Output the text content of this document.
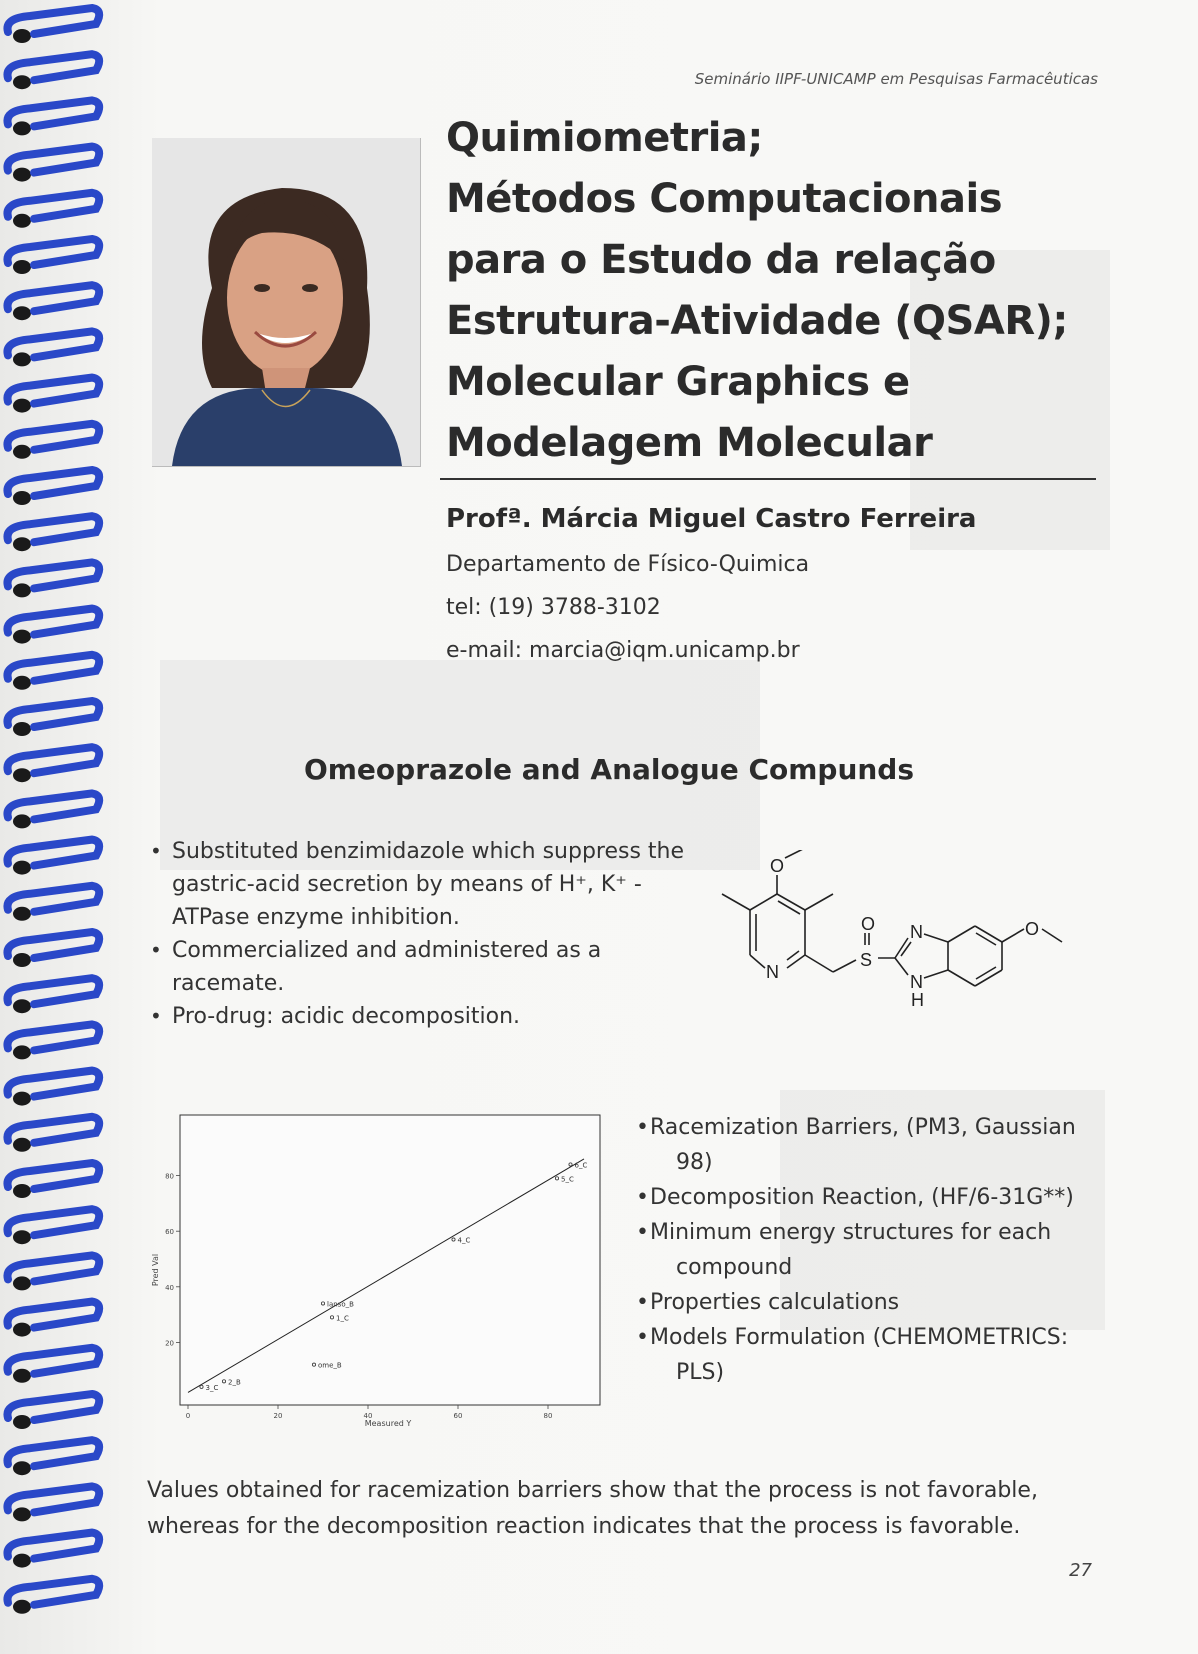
Seminário IIPF-UNICAMP em Pesquisas Farmacêuticas
Quimiometria;
Métodos Computacionais
para o Estudo da relação
Estrutura-Atividade (QSAR);
Molecular Graphics e
Modelagem Molecular
Profª. Márcia Miguel Castro Ferreira
Departamento de Físico-Quimica
tel: (19) 3788-3102
e-mail: marcia@iqm.unicamp.br
Omeoprazole and Analogue Compunds
• Substituted benzimidazole which suppress the gastric-acid secretion by means of H⁺, K⁺ - ATPase enzyme inhibition.
• Commercialized and administered as a racemate.
• Pro-drug: acidic decomposition.
O
N
O
S
N
N
H
O
0	20	40	60	80
20
40
60
80
3_C
2_B
ome_B
1_C
lanso_B
4_C
5_C
6_C
Measured Y
Pred Val
• Racemization Barriers, (PM3, Gaussian
98)
• Decomposition Reaction, (HF/6-31G**)
• Minimum energy structures for each
compound
• Properties calculations
• Models Formulation (CHEMOMETRICS:
PLS)
Values obtained for racemization barriers show that the process is not favorable,
whereas for the decomposition reaction indicates that the process is favorable.
27
